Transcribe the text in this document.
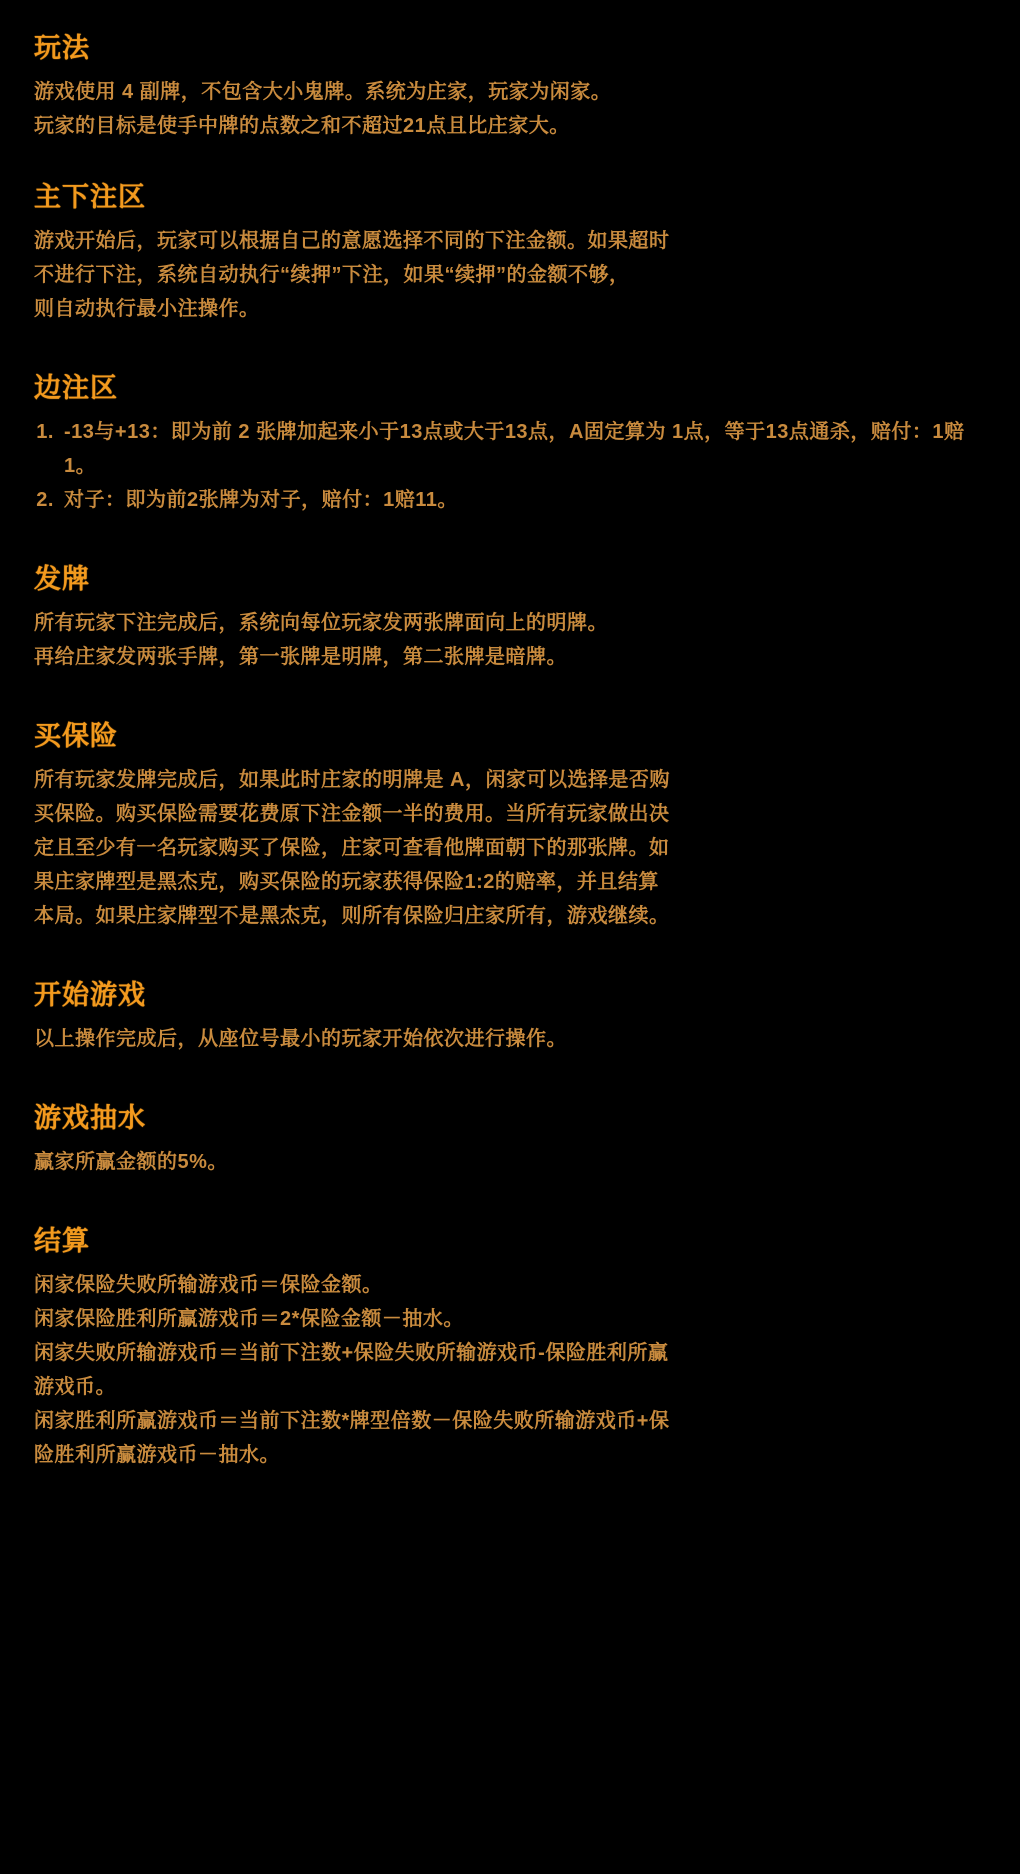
玩法

游戏使用 4 副牌，不包含大小鬼牌。系统为庄家，玩家为闲家。

玩家的目标是使手中牌的点数之和不超过21点且比庄家大。

主下注区

游戏开始后，玩家可以根据自己的意愿选择不同的下注金额。如果超时

不进行下注，系统自动执行“续押”下注，如果“续押”的金额不够，

则自动执行最小注操作。

边注区
1. -13与+13：即为前 2 张牌加起来小于13点或大于13点，A固定算为 1点，等于13点通杀，赔付：1赔1。
2. 对子：即为前2张牌为对子，赔付：1赔11。
发牌

所有玩家下注完成后，系统向每位玩家发两张牌面向上的明牌。

再给庄家发两张手牌，第一张牌是明牌，第二张牌是暗牌。

买保险

所有玩家发牌完成后，如果此时庄家的明牌是 A，闲家可以选择是否购

买保险。购买保险需要花费原下注金额一半的费用。当所有玩家做出决

定且至少有一名玩家购买了保险，庄家可查看他牌面朝下的那张牌。如

果庄家牌型是黑杰克，购买保险的玩家获得保险1:2的赔率，并且结算

本局。如果庄家牌型不是黑杰克，则所有保险归庄家所有，游戏继续。

开始游戏

以上操作完成后，从座位号最小的玩家开始依次进行操作。

游戏抽水

赢家所赢金额的5%。

结算

闲家保险失败所输游戏币＝保险金额。

闲家保险胜利所赢游戏币＝2*保险金额－抽水。

闲家失败所输游戏币＝当前下注数+保险失败所输游戏币-保险胜利所赢

游戏币。

闲家胜利所赢游戏币＝当前下注数*牌型倍数－保险失败所输游戏币+保

险胜利所赢游戏币－抽水。
